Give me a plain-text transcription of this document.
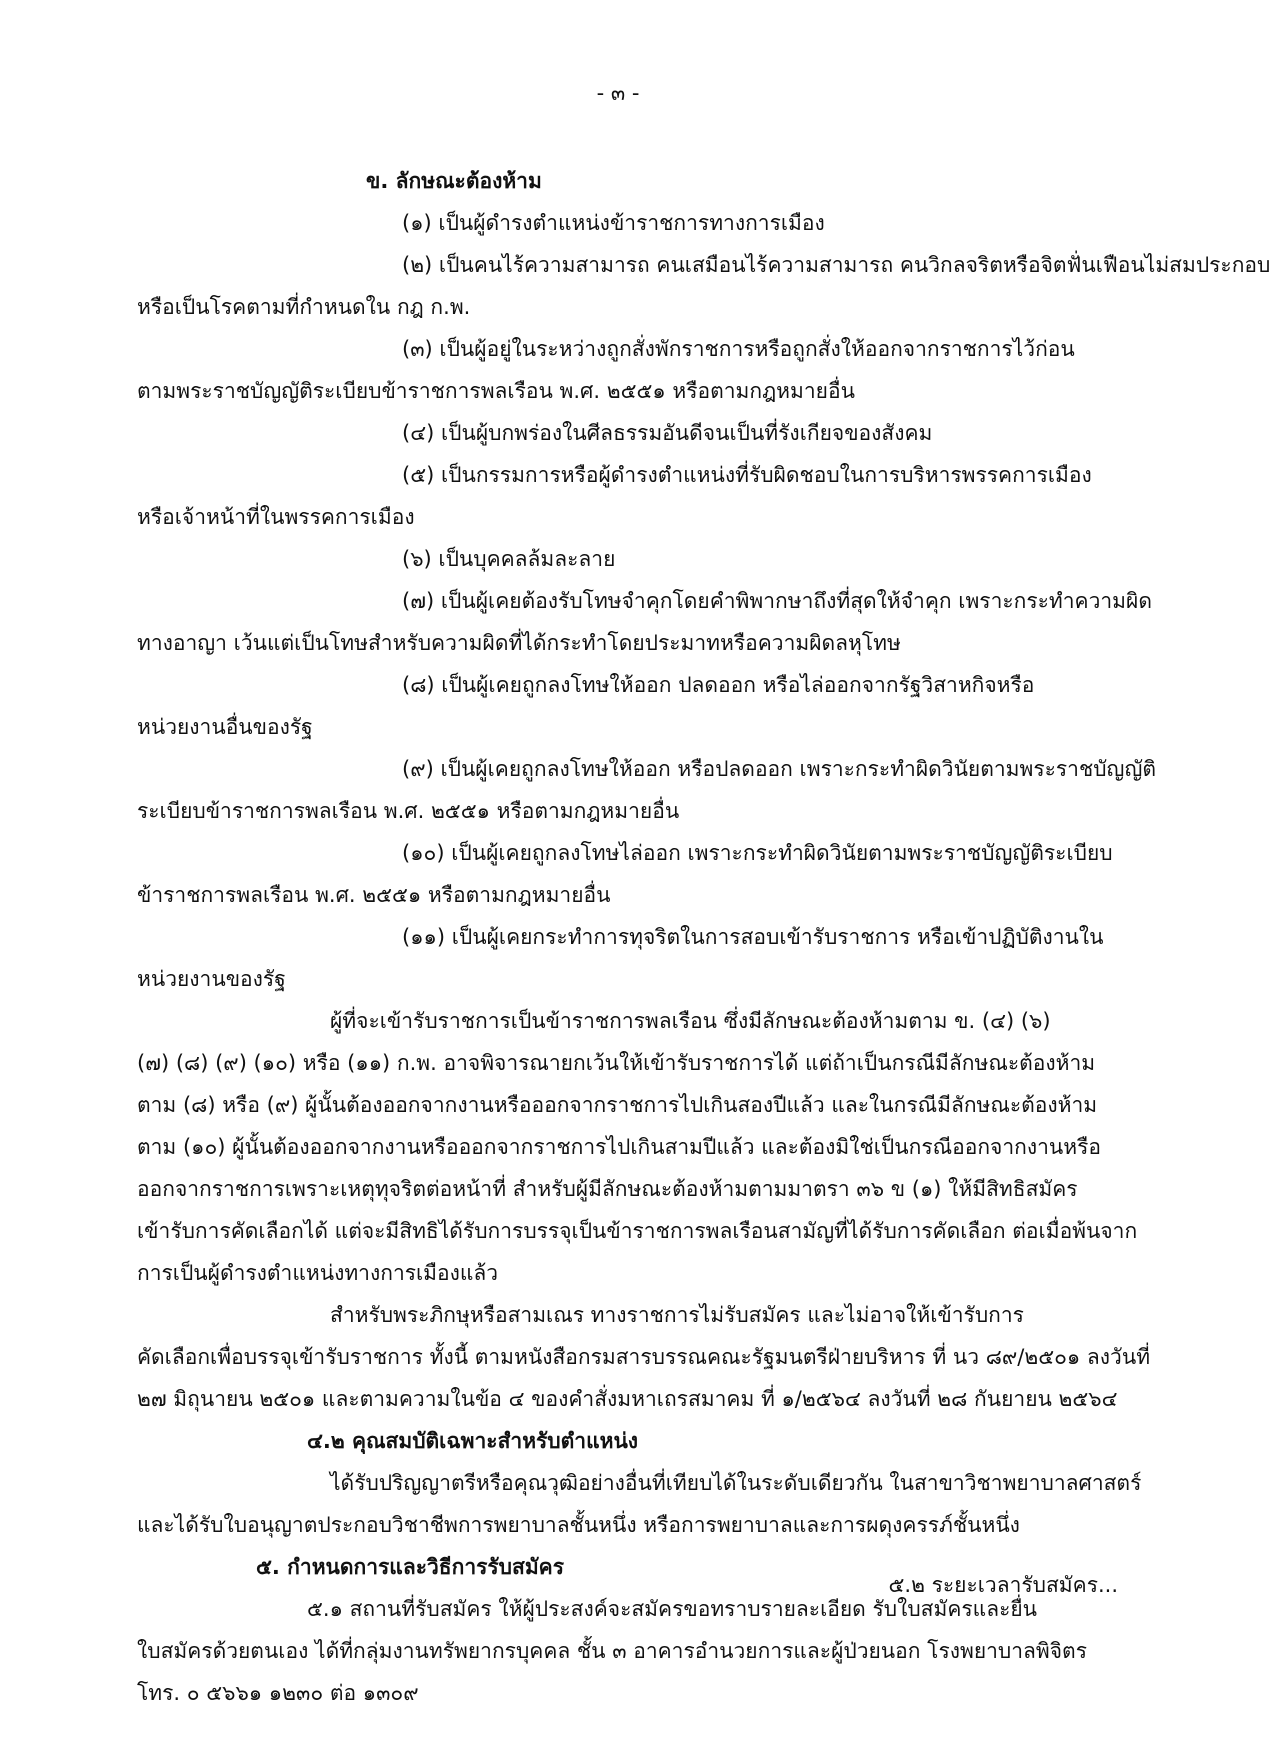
- ๓ -
ข. ลักษณะต้องห้าม
(๑) เป็นผู้ดำรงตำแหน่งข้าราชการทางการเมือง
(๒) เป็นคนไร้ความสามารถ คนเสมือนไร้ความสามารถ คนวิกลจริตหรือจิตฟั่นเฟือนไม่สมประกอบ
หรือเป็นโรคตามที่กำหนดใน กฎ ก.พ.
(๓) เป็นผู้อยู่ในระหว่างถูกสั่งพักราชการหรือถูกสั่งให้ออกจากราชการไว้ก่อน
ตามพระราชบัญญัติระเบียบข้าราชการพลเรือน พ.ศ. ๒๕๕๑ หรือตามกฎหมายอื่น
(๔) เป็นผู้บกพร่องในศีลธรรมอันดีจนเป็นที่รังเกียจของสังคม
(๕) เป็นกรรมการหรือผู้ดำรงตำแหน่งที่รับผิดชอบในการบริหารพรรคการเมือง
หรือเจ้าหน้าที่ในพรรคการเมือง
(๖) เป็นบุคคลล้มละลาย
(๗) เป็นผู้เคยต้องรับโทษจำคุกโดยคำพิพากษาถึงที่สุดให้จำคุก เพราะกระทำความผิด
ทางอาญา เว้นแต่เป็นโทษสำหรับความผิดที่ได้กระทำโดยประมาทหรือความผิดลหุโทษ
(๘) เป็นผู้เคยถูกลงโทษให้ออก ปลดออก หรือไล่ออกจากรัฐวิสาหกิจหรือ
หน่วยงานอื่นของรัฐ
(๙) เป็นผู้เคยถูกลงโทษให้ออก หรือปลดออก เพราะกระทำผิดวินัยตามพระราชบัญญัติ
ระเบียบข้าราชการพลเรือน พ.ศ. ๒๕๕๑ หรือตามกฎหมายอื่น
(๑๐) เป็นผู้เคยถูกลงโทษไล่ออก เพราะกระทำผิดวินัยตามพระราชบัญญัติระเบียบ
ข้าราชการพลเรือน พ.ศ. ๒๕๕๑ หรือตามกฎหมายอื่น
(๑๑) เป็นผู้เคยกระทำการทุจริตในการสอบเข้ารับราชการ หรือเข้าปฏิบัติงานใน
หน่วยงานของรัฐ
ผู้ที่จะเข้ารับราชการเป็นข้าราชการพลเรือน ซึ่งมีลักษณะต้องห้ามตาม ข. (๔) (๖)
(๗) (๘) (๙) (๑๐) หรือ (๑๑) ก.พ. อาจพิจารณายกเว้นให้เข้ารับราชการได้ แต่ถ้าเป็นกรณีมีลักษณะต้องห้าม
ตาม (๘) หรือ (๙) ผู้นั้นต้องออกจากงานหรือออกจากราชการไปเกินสองปีแล้ว และในกรณีมีลักษณะต้องห้าม
ตาม (๑๐) ผู้นั้นต้องออกจากงานหรือออกจากราชการไปเกินสามปีแล้ว และต้องมิใช่เป็นกรณีออกจากงานหรือ
ออกจากราชการเพราะเหตุทุจริตต่อหน้าที่ สำหรับผู้มีลักษณะต้องห้ามตามมาตรา ๓๖ ข (๑) ให้มีสิทธิสมัคร
เข้ารับการคัดเลือกได้ แต่จะมีสิทธิได้รับการบรรจุเป็นข้าราชการพลเรือนสามัญที่ได้รับการคัดเลือก ต่อเมื่อพ้นจาก
การเป็นผู้ดำรงตำแหน่งทางการเมืองแล้ว
สำหรับพระภิกษุหรือสามเณร ทางราชการไม่รับสมัคร และไม่อาจให้เข้ารับการ
คัดเลือกเพื่อบรรจุเข้ารับราชการ ทั้งนี้ ตามหนังสือกรมสารบรรณคณะรัฐมนตรีฝ่ายบริหาร ที่ นว ๘๙/๒๕๐๑ ลงวันที่
๒๗ มิถุนายน ๒๕๐๑ และตามความในข้อ ๔ ของคำสั่งมหาเถรสมาคม ที่ ๑/๒๕๖๔ ลงวันที่ ๒๘ กันยายน ๒๕๖๔
๔.๒ คุณสมบัติเฉพาะสำหรับตำแหน่ง
ได้รับปริญญาตรีหรือคุณวุฒิอย่างอื่นที่เทียบได้ในระดับเดียวกัน ในสาขาวิชาพยาบาลศาสตร์
และได้รับใบอนุญาตประกอบวิชาชีพการพยาบาลชั้นหนึ่ง หรือการพยาบาลและการผดุงครรภ์ชั้นหนึ่ง
๕. กำหนดการและวิธีการรับสมัคร
๕.๑ สถานที่รับสมัคร ให้ผู้ประสงค์จะสมัครขอทราบรายละเอียด รับใบสมัครและยื่น
ใบสมัครด้วยตนเอง ได้ที่กลุ่มงานทรัพยากรบุคคล ชั้น ๓ อาคารอำนวยการและผู้ป่วยนอก โรงพยาบาลพิจิตร
โทร. ๐ ๕๖๖๑ ๑๒๓๐ ต่อ ๑๓๐๙
๕.๒ ระยะเวลารับสมัคร...
